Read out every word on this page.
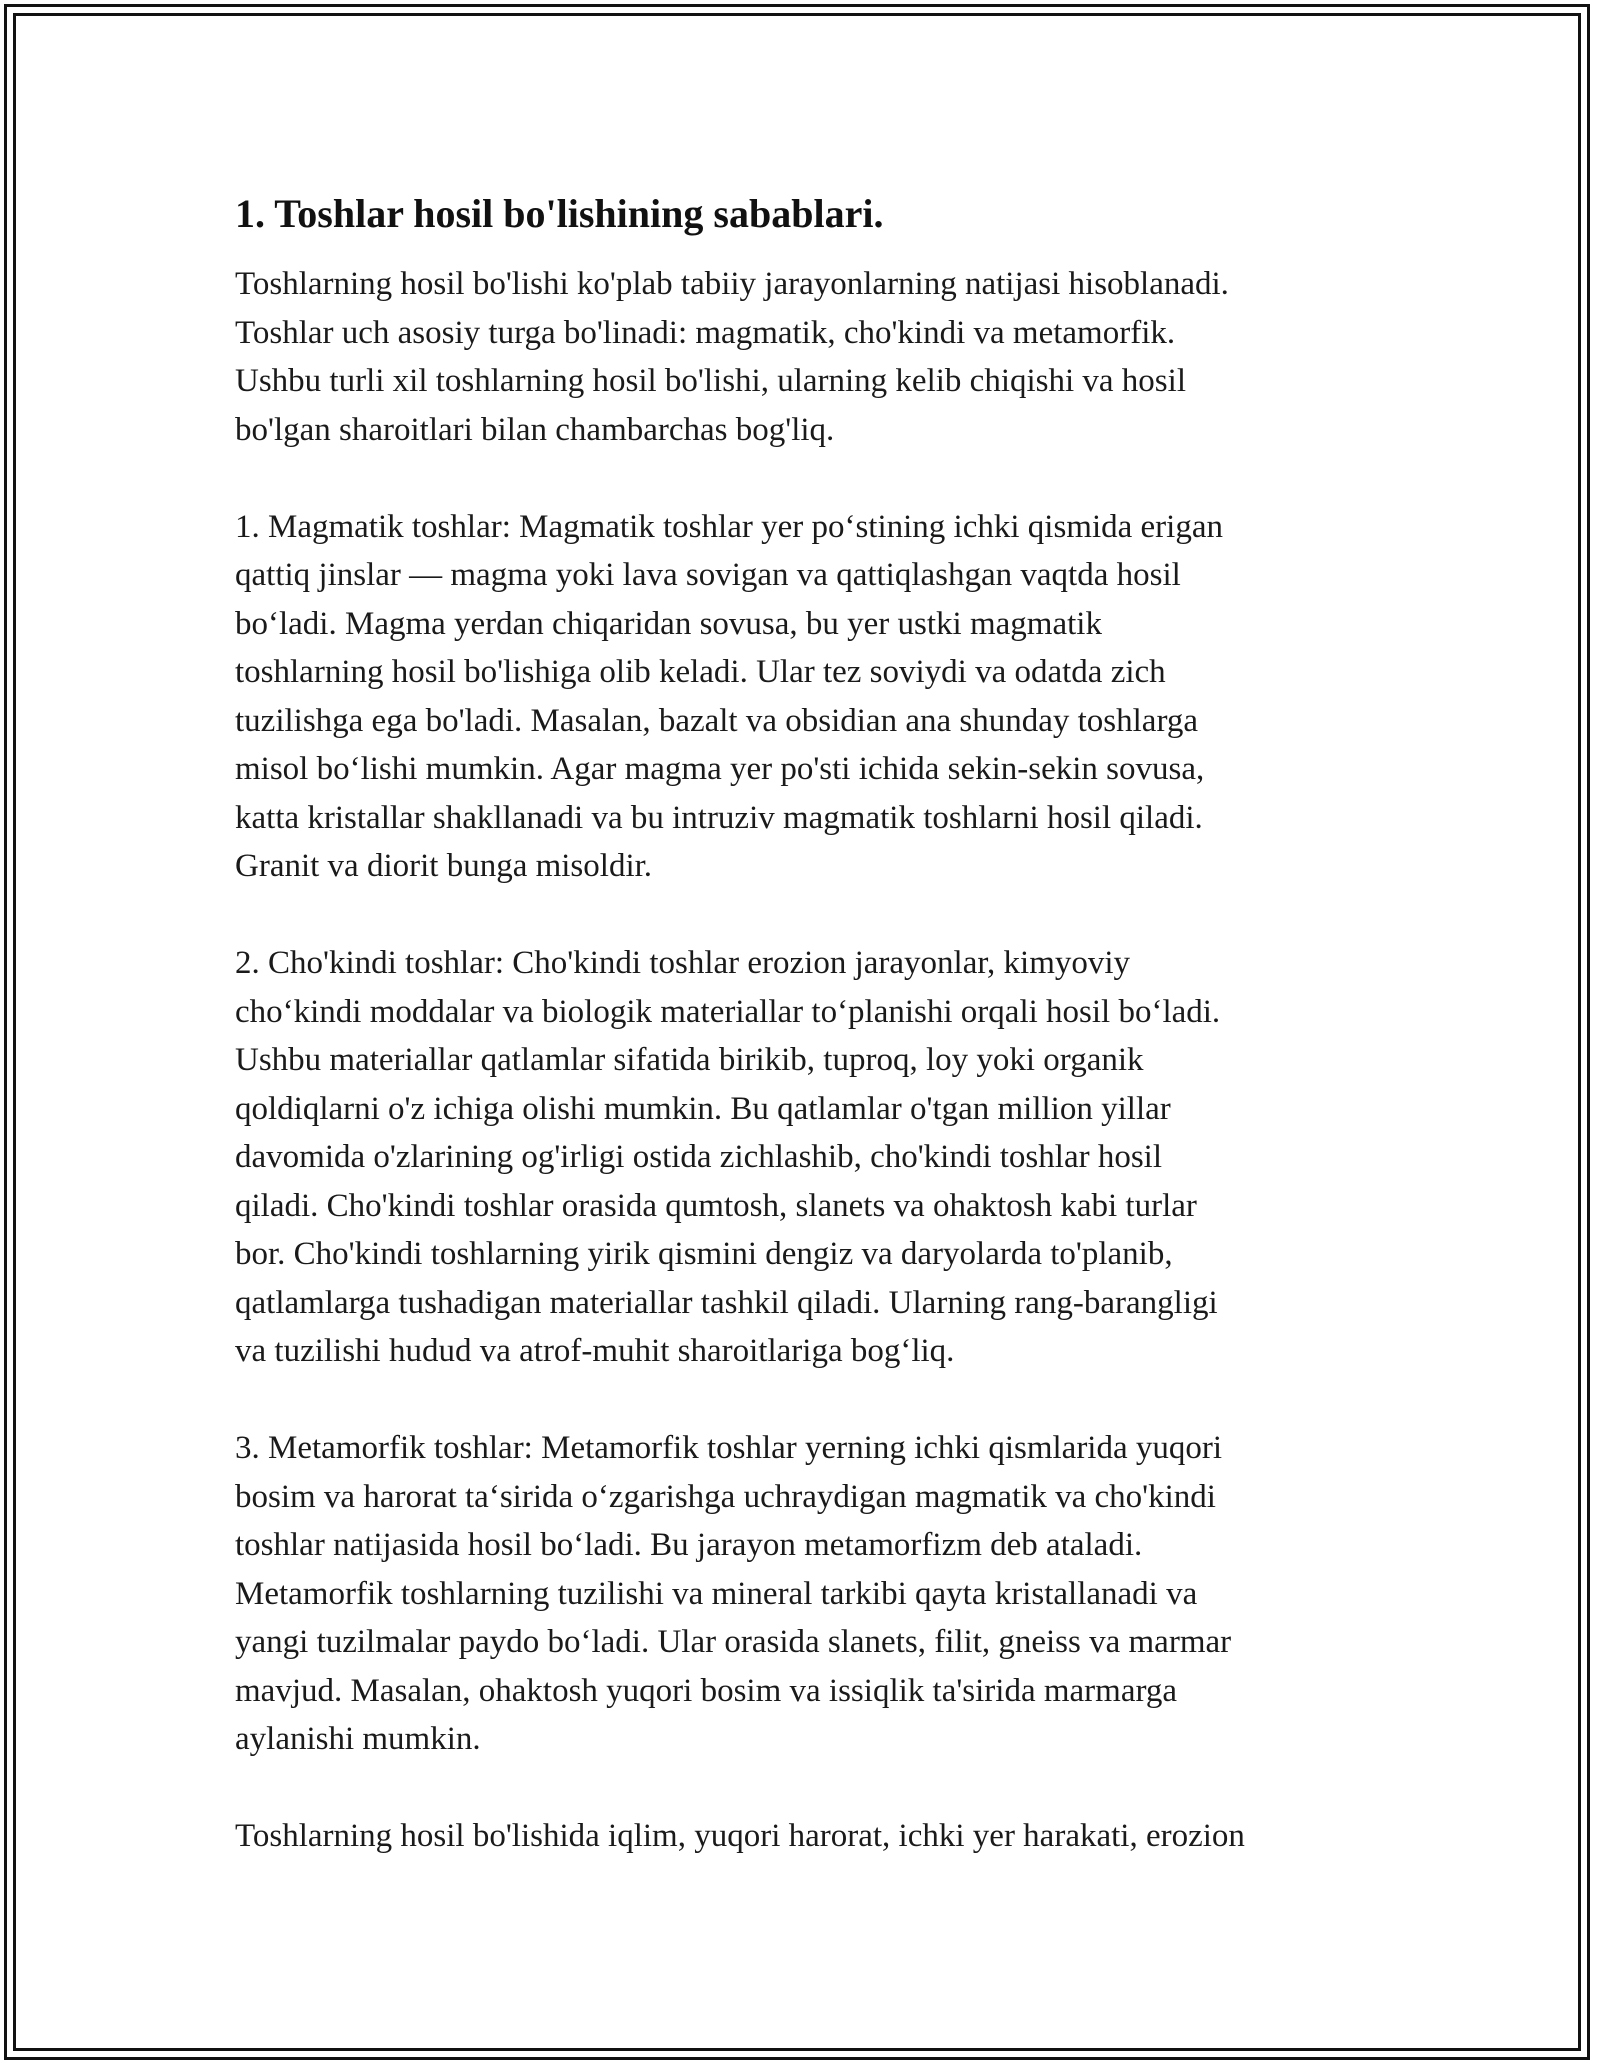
1. Toshlar hosil bo'lishining sabablari.
Toshlarning hosil bo'lishi ko'plab tabiiy jarayonlarning natijasi hisoblanadi.
Toshlar uch asosiy turga bo'linadi: magmatik, cho'kindi va metamorfik.
Ushbu turli xil toshlarning hosil bo'lishi, ularning kelib chiqishi va hosil
bo'lgan sharoitlari bilan chambarchas bog'liq.
1. Magmatik toshlar: Magmatik toshlar yer po‘stining ichki qismida erigan
qattiq jinslar — magma yoki lava sovigan va qattiqlashgan vaqtda hosil
bo‘ladi. Magma yerdan chiqaridan sovusa, bu yer ustki magmatik
toshlarning hosil bo'lishiga olib keladi. Ular tez soviydi va odatda zich
tuzilishga ega bo'ladi. Masalan, bazalt va obsidian ana shunday toshlarga
misol bo‘lishi mumkin. Agar magma yer po'sti ichida sekin-sekin sovusa,
katta kristallar shakllanadi va bu intruziv magmatik toshlarni hosil qiladi.
Granit va diorit bunga misoldir.
2. Cho'kindi toshlar: Cho'kindi toshlar erozion jarayonlar, kimyoviy
cho‘kindi moddalar va biologik materiallar to‘planishi orqali hosil bo‘ladi.
Ushbu materiallar qatlamlar sifatida birikib, tuproq, loy yoki organik
qoldiqlarni o'z ichiga olishi mumkin. Bu qatlamlar o'tgan million yillar
davomida o'zlarining og'irligi ostida zichlashib, cho'kindi toshlar hosil
qiladi. Cho'kindi toshlar orasida qumtosh, slanets va ohaktosh kabi turlar
bor. Cho'kindi toshlarning yirik qismini dengiz va daryolarda to'planib,
qatlamlarga tushadigan materiallar tashkil qiladi. Ularning rang-barangligi
va tuzilishi hudud va atrof-muhit sharoitlariga bog‘liq.
3. Metamorfik toshlar: Metamorfik toshlar yerning ichki qismlarida yuqori
bosim va harorat ta‘sirida o‘zgarishga uchraydigan magmatik va cho'kindi
toshlar natijasida hosil bo‘ladi. Bu jarayon metamorfizm deb ataladi.
Metamorfik toshlarning tuzilishi va mineral tarkibi qayta kristallanadi va
yangi tuzilmalar paydo bo‘ladi. Ular orasida slanets, filit, gneiss va marmar
mavjud. Masalan, ohaktosh yuqori bosim va issiqlik ta'sirida marmarga
aylanishi mumkin.
Toshlarning hosil bo'lishida iqlim, yuqori harorat, ichki yer harakati, erozion
